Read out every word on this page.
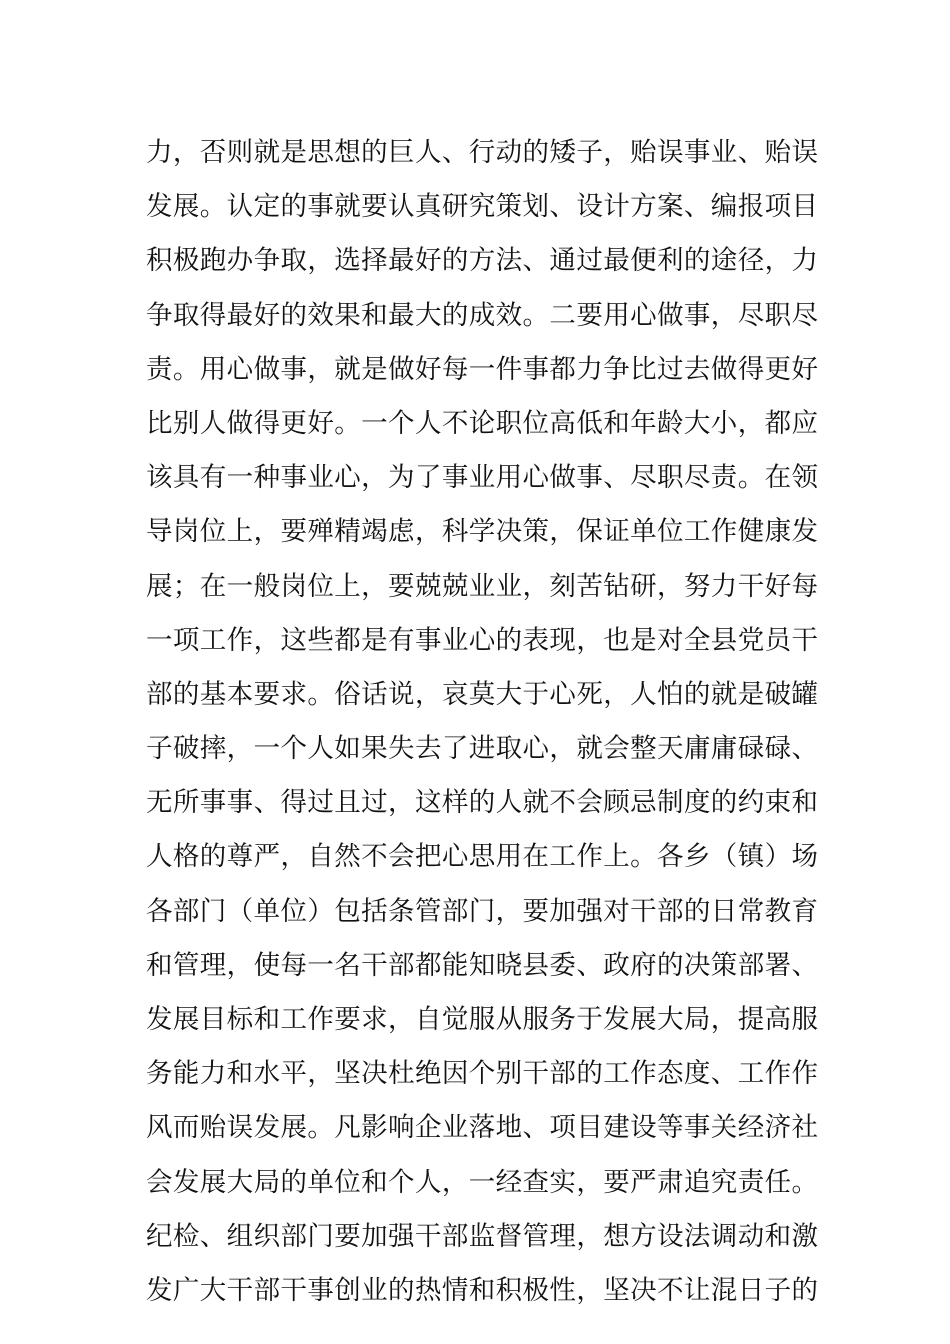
力，否则就是思想的巨人、行动的矮子，贻误事业、贻误
发展。认定的事就要认真研究策划、设计方案、编报项目
积极跑办争取，选择最好的方法、通过最便利的途径，力
争取得最好的效果和最大的成效。二要用心做事，尽职尽
责。用心做事，就是做好每一件事都力争比过去做得更好
比别人做得更好。一个人不论职位高低和年龄大小，都应
该具有一种事业心，为了事业用心做事、尽职尽责。在领
导岗位上，要殚精竭虑，科学决策，保证单位工作健康发
展；在一般岗位上，要兢兢业业，刻苦钻研，努力干好每
一项工作，这些都是有事业心的表现，也是对全县党员干
部的基本要求。俗话说，哀莫大于心死，人怕的就是破罐
子破摔，一个人如果失去了进取心，就会整天庸庸碌碌、
无所事事、得过且过，这样的人就不会顾忌制度的约束和
人格的尊严，自然不会把心思用在工作上。各乡（镇）场
各部门（单位）包括条管部门，要加强对干部的日常教育
和管理，使每一名干部都能知晓县委、政府的决策部署、
发展目标和工作要求，自觉服从服务于发展大局，提高服
务能力和水平，坚决杜绝因个别干部的工作态度、工作作
风而贻误发展。凡影响企业落地、项目建设等事关经济社
会发展大局的单位和个人，一经查实，要严肃追究责任。
纪检、组织部门要加强干部监督管理，想方设法调动和激
发广大干部干事创业的热情和积极性，坚决不让混日子的
